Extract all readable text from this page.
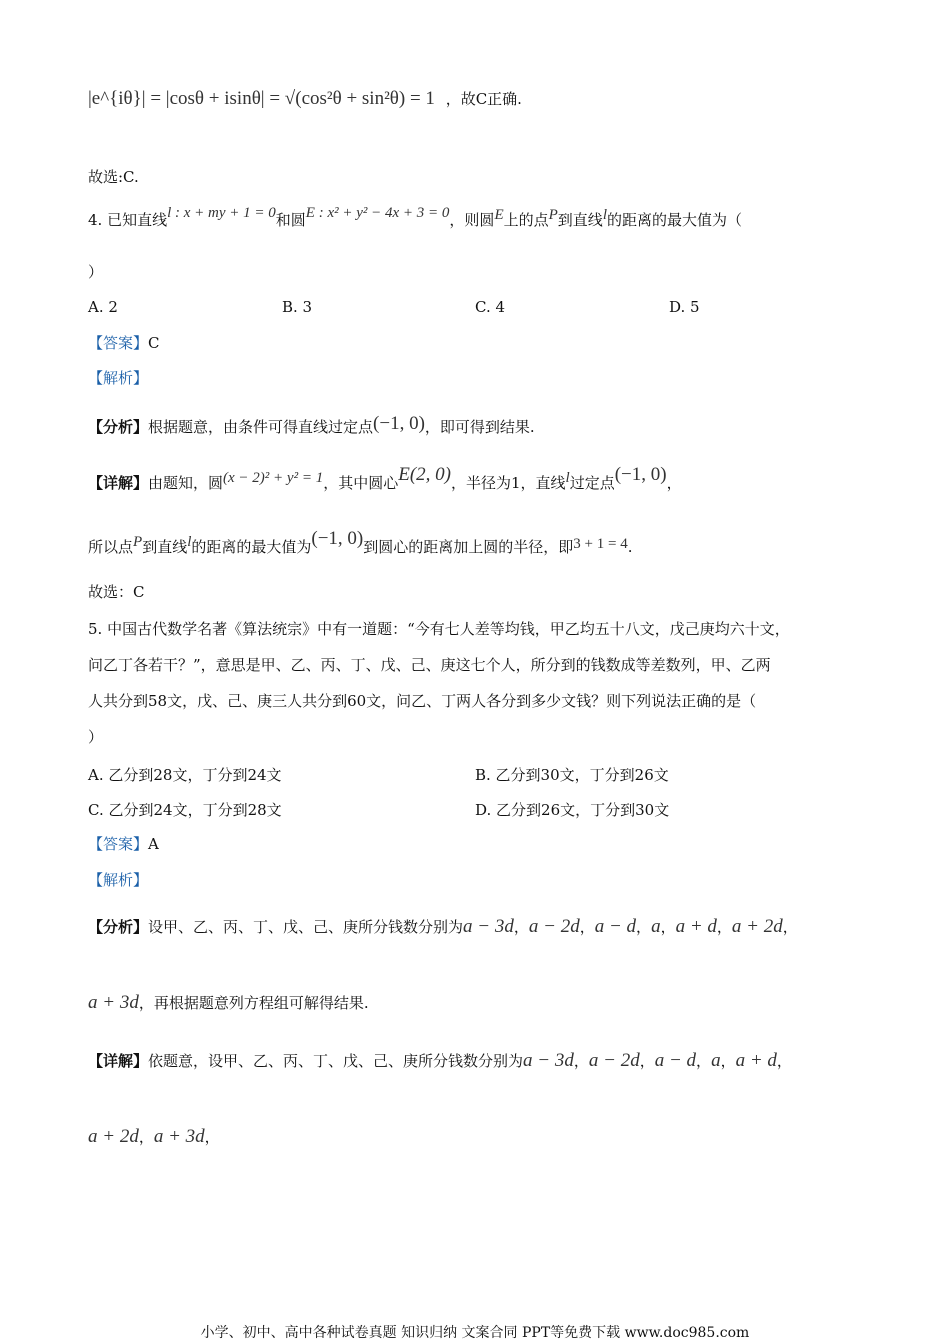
|e^{iθ}| = |cosθ + isinθ| = √(cos²θ + sin²θ) = 1 ，故C正确.
故选:C.
4. 已知直线l : x + my + 1 = 0和圆E : x² + y² − 4x + 3 = 0，则圆E上的点P到直线l的距离的最大值为（
）
A. 2	B. 3	C. 4	D. 5
【答案】C
【解析】
【分析】根据题意，由条件可得直线过定点(−1, 0)，即可得到结果.
【详解】由题知，圆(x − 2)² + y² = 1，其中圆心E(2, 0)，半径为1，直线l过定点(−1, 0)，
所以点P到直线l的距离的最大值为(−1, 0)到圆心的距离加上圆的半径，即3 + 1 = 4.
故选：C
5. 中国古代数学名著《算法统宗》中有一道题：“今有七人差等均钱，甲乙均五十八文，戊己庚均六十文，
问乙丁各若干？”，意思是甲、乙、丙、丁、戊、己、庚这七个人，所分到的钱数成等差数列，甲、乙两
人共分到58文，戊、己、庚三人共分到60文，问乙、丁两人各分到多少文钱？则下列说法正确的是（
）
A. 乙分到28文，丁分到24文	B. 乙分到30文，丁分到26文
C. 乙分到24文，丁分到28文	D. 乙分到26文，丁分到30文
【答案】A
【解析】
【分析】设甲、乙、丙、丁、戊、己、庚所分钱数分别为a − 3d，a − 2d，a − d，a，a + d，a + 2d，
a + 3d，再根据题意列方程组可解得结果.
【详解】依题意，设甲、乙、丙、丁、戊、己、庚所分钱数分别为a − 3d，a − 2d，a − d，a，a + d，
a + 2d，a + 3d，
小学、初中、高中各种试卷真题 知识归纳 文案合同 PPT等免费下载 www.doc985.com
